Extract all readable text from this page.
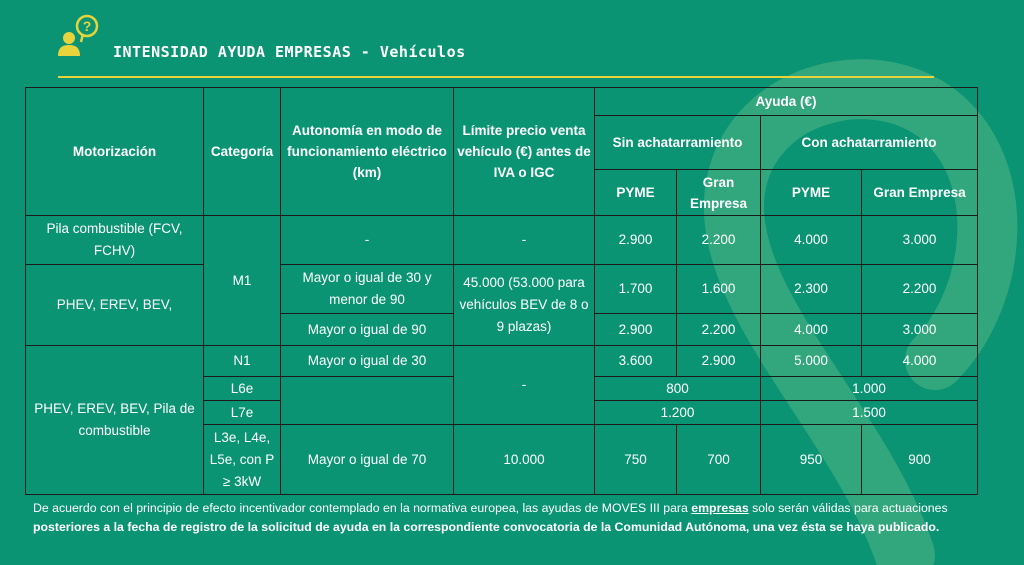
?
INTENSIDAD AYUDA EMPRESAS - Vehículos
Motorización	Categoría	Autonomía en modo de funcionamiento eléctrico (km)	Límite precio venta vehículo (€) antes de IVA o IGC	Ayuda (€)			
				Sin achatarramiento		Con achatarramiento	
				PYME	Gran Empresa	PYME	Gran Empresa
Pila combustible (FCV, FCHV)	M1	-	-	2.900	2.200	4.000	3.000
PHEV, EREV, BEV,		Mayor o igual de 30 y menor de 90	45.000 (53.000 para vehículos BEV de 8 o 9 plazas)	1.700	1.600	2.300	2.200
		Mayor o igual de 90		2.900	2.200	4.000	3.000
PHEV, EREV, BEV, Pila de combustible	N1	Mayor o igual de 30	-	3.600	2.900	5.000	4.000
	L6e			800		1.000	
	L7e			1.200		1.500	
	L3e, L4e, L5e, con P ≥ 3kW	Mayor o igual de 70	10.000	750	700	950	900
De acuerdo con el principio de efecto incentivador contemplado en la normativa europea, las ayudas de MOVES III para empresas solo serán válidas para actuaciones posteriores a la fecha de registro de la solicitud de ayuda en la correspondiente convocatoria de la Comunidad Autónoma, una vez ésta se haya publicado.
